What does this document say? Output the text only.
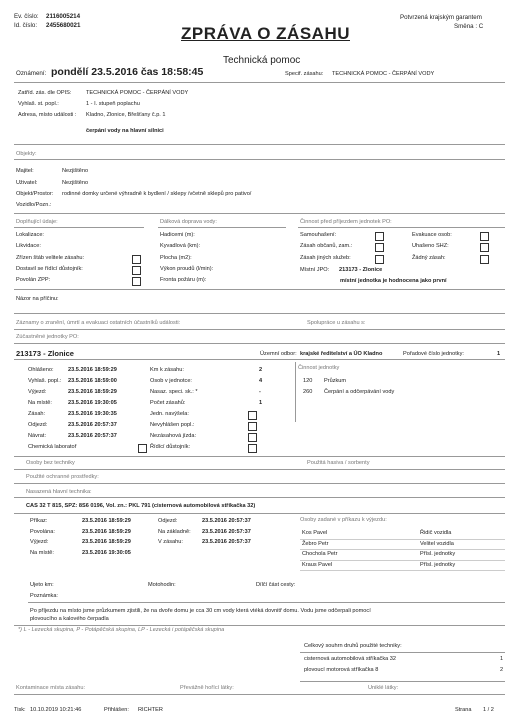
Ev. číslo: 2116005214
Id. číslo: 2455680021	ZPRÁVA O ZÁSAHU
Potvrzená krajským garantem
Směna : C
Technická pomoc
Oznámení: pondělí 23.5.2016 čas 18:58:45	Specif. zásahu: TECHNICKÁ POMOC - ČERPÁNÍ VODY
Zatříd. zás. dle OPIS:	TECHNICKÁ POMOC - ČERPÁNÍ VODY
Vyhlaš. st. popl.:	1 - I. stupeň poplachu
Adresa, místo události : Kladno, Zlonice, Břešťany č.p. 1
čerpání vody na hlavní silnici
Objekty:
Majitel:	Nezjištěno
Uživatel:	Nezjištěno
Objekt/Prostor: rodinné domky určené výhradně k bydlení / sklepy /včetně sklepů pro pativo/
Vozidlo/Pozn.:
Doplňující údaje:	Dálková doprava vody:	Činnost před příjezdem jednotek PO:
Lokalizace:
Likvidace:
Zřízen štáb velitele zásahu:
Dostavil se řídící důstojník:
Povolán ZPP:
Hadicemi (m):
Kyvadlová (km):
Plocha (m2):
Výkon proudů (l/min):
Fronta požáru (m):
Samouhašení:
Zásah občanů, zam.:
Zásah jiných služeb:
Evakuace osob:
Uhašeno SHZ:
Žádný zásah:
Místní JPO: 213173 - Zlonice
místní jednotka je hodnocena jako první
Názor na příčinu:
Záznamy o zranění, úmrtí a evakuaci ostatních účastníků události:	Spolupráce u zásahu s:
Zúčastněné jednotky PO:
213173 - Zlonice	Územní odbor: krajské ředitelství a ÚO Kladno	Pořadové číslo jednotky:	1
Chemická laboratoř
Činnost jednotky
Osoby bez techniky	Použitá hasiva / sorbenty
Použité ochranné prostředky:
Nasazená hlavní technika:
CAS 32 T 815, SPZ: 8S6 0196, Vol. zn.: PKL 791 (cisternová automobilová stříkačka 32)
Osoby zadané v příkazu k výjezdu:
Ujeto km:	Motohodin:	Dílčí část cesty:
Poznámka:
Po příjezdu na místo jsme průzkumem zjistili, že na dvoře domu je cca 30 cm vody která vtéká dovnitř domu. Vodu jsme odčerpali pomocí
plovoucího a kalového čerpadla
*) L - Lezecká skupina, P - Potápěčská skupina, LP - Lezecká i potápěčská skupina
Celkový souhrn druhů použité techniky:
Kontaminace místa zásahu:	Převážně hořící látky:	Uniklé látky:
Tisk: 10.10.2019 10:21:46	Přihlášen: RICHTER	Strana 1 / 2
Ohlášeno:	23.5.2016 18:59:29
Vyhlaš. popl.: 23.5.2016 18:59:00
Výjezd:	23.5.2016 18:59:29
Na místě:	23.5.2016 19:30:05
Zásah:	23.5.2016 19:30:35
Odjezd:	23.5.2016 20:57:37
Návrat:	23.5.2016 20:57:37
Km k zásahu:	2
Osob v jednotce:	4
Nasaz. speci. sk.: *	-
Počet zásahů:	1
Jedn. navýšela:
Nevyhlášen popl.:
Nezásahová jízda:
Řídící důstojník:
120 Průzkum
260 Čerpání a odčerpávání vody
Příkaz:	23.5.2016 18:59:29
Povolána:	23.5.2016 18:59:29
Výjezd:	23.5.2016 18:59:29
Na místě:	23.5.2016 19:30:05
Odjezd:	23.5.2016 20:57:37
Na základně: 23.5.2016 20:57:37
V zásahu:	23.5.2016 20:57:37
Kos Pavel	Řidič vozidla
Žebro Petr	Velitel vozidla
Chochola Petr	Přísl. jednotky
Kraus Pavel	Přísl. jednotky
cisternová automobilová stříkačka 32	1
plovoucí motorová stříkačka 8	2
